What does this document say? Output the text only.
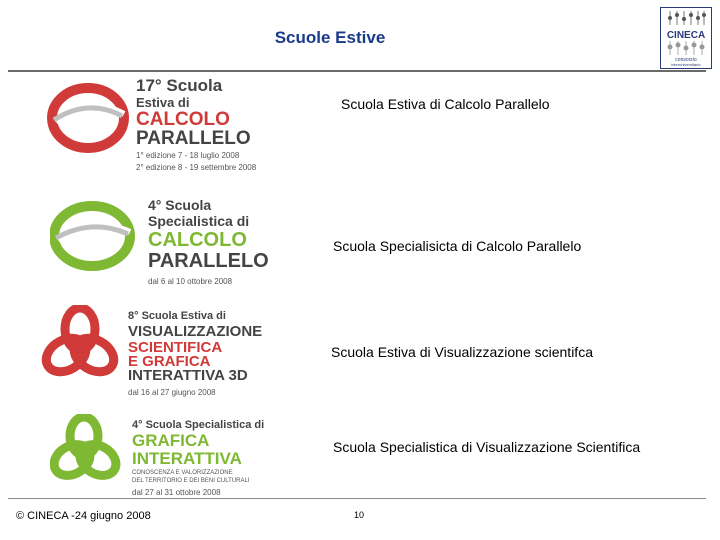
Scuole Estive	CINECA
consorzio
interuniversitario
17° Scuola
Estiva di
CALCOLO
PARALLELO
1° edizione 7 - 18 luglio 2008
2° edizione 8 - 19 settembre 2008
Scuola Estiva di Calcolo Parallelo
4° Scuola
Specialistica di
CALCOLO
PARALLELO
dal 6 al 10 ottobre 2008
Scuola Specialisicta di Calcolo Parallelo
8° Scuola Estiva di
VISUALIZZAZIONE
SCIENTIFICA
E GRAFICA
INTERATTIVA 3D
dal 16 al 27 giugno 2008
Scuola Estiva di Visualizzazione scientifca
4° Scuola Specialistica di
GRAFICA
INTERATTIVA
CONOSCENZA E VALORIZZAZIONE
DEL TERRITORIO E DEI BENI CULTURALI
dal 27 al 31 ottobre 2008
Scuola Specialistica di Visualizzazione Scientifica
© CINECA -24 giugno 2008	10
